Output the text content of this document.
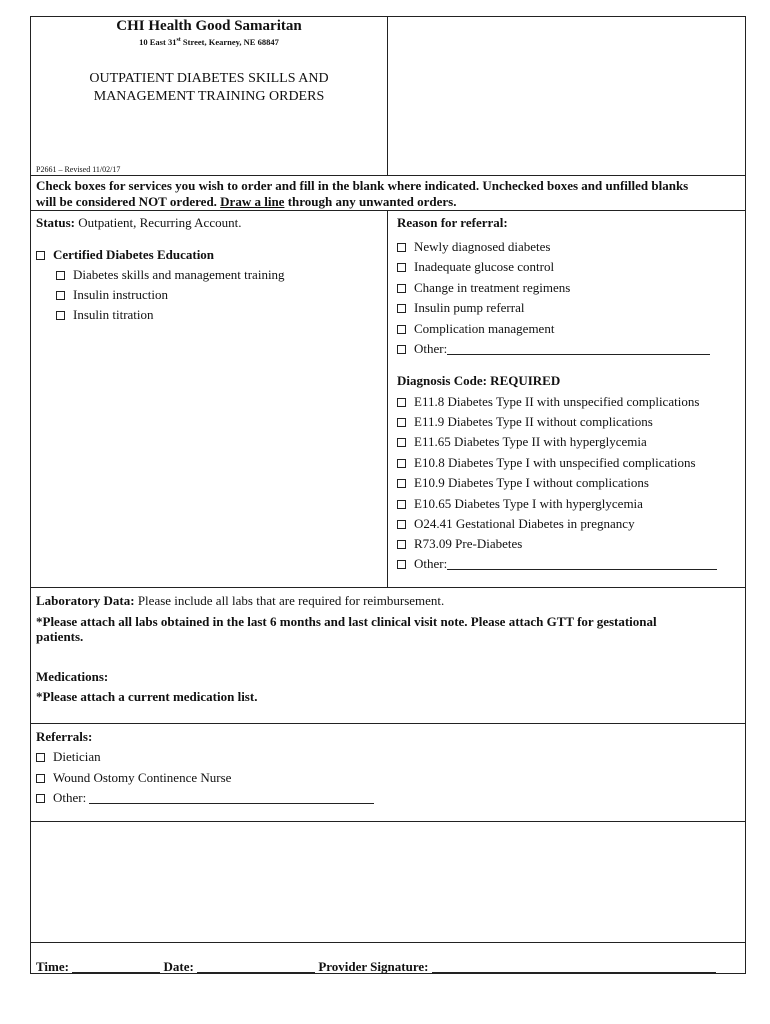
CHI Health Good Samaritan
10 East 31st Street, Kearney, NE 68847
OUTPATIENT DIABETES SKILLS AND
MANAGEMENT TRAINING ORDERS
P2661 – Revised 11/02/17
Check boxes for services you wish to order and fill in the blank where indicated. Unchecked boxes and unfilled blanks
will be considered NOT ordered. Draw a line through any unwanted orders.
Status: Outpatient, Recurring Account.
Certified Diabetes Education
Diabetes skills and management training
Insulin instruction
Insulin titration
Reason for referral:
Newly diagnosed diabetes
Inadequate glucose control
Change in treatment regimens
Insulin pump referral
Complication management
Other:
Diagnosis Code: REQUIRED
E11.8 Diabetes Type II with unspecified complications
E11.9 Diabetes Type II without complications
E11.65 Diabetes Type II with hyperglycemia
E10.8 Diabetes Type I with unspecified complications
E10.9 Diabetes Type I without complications
E10.65 Diabetes Type I with hyperglycemia
O24.41 Gestational Diabetes in pregnancy
R73.09 Pre-Diabetes
Other:
Laboratory Data: Please include all labs that are required for reimbursement.
*Please attach all labs obtained in the last 6 months and last clinical visit note. Please attach GTT for gestational
patients.
Medications:
*Please attach a current medication list.
Referrals:
Dietician
Wound Ostomy Continence Nurse
Other:
Time:	Date:	Provider Signature:
